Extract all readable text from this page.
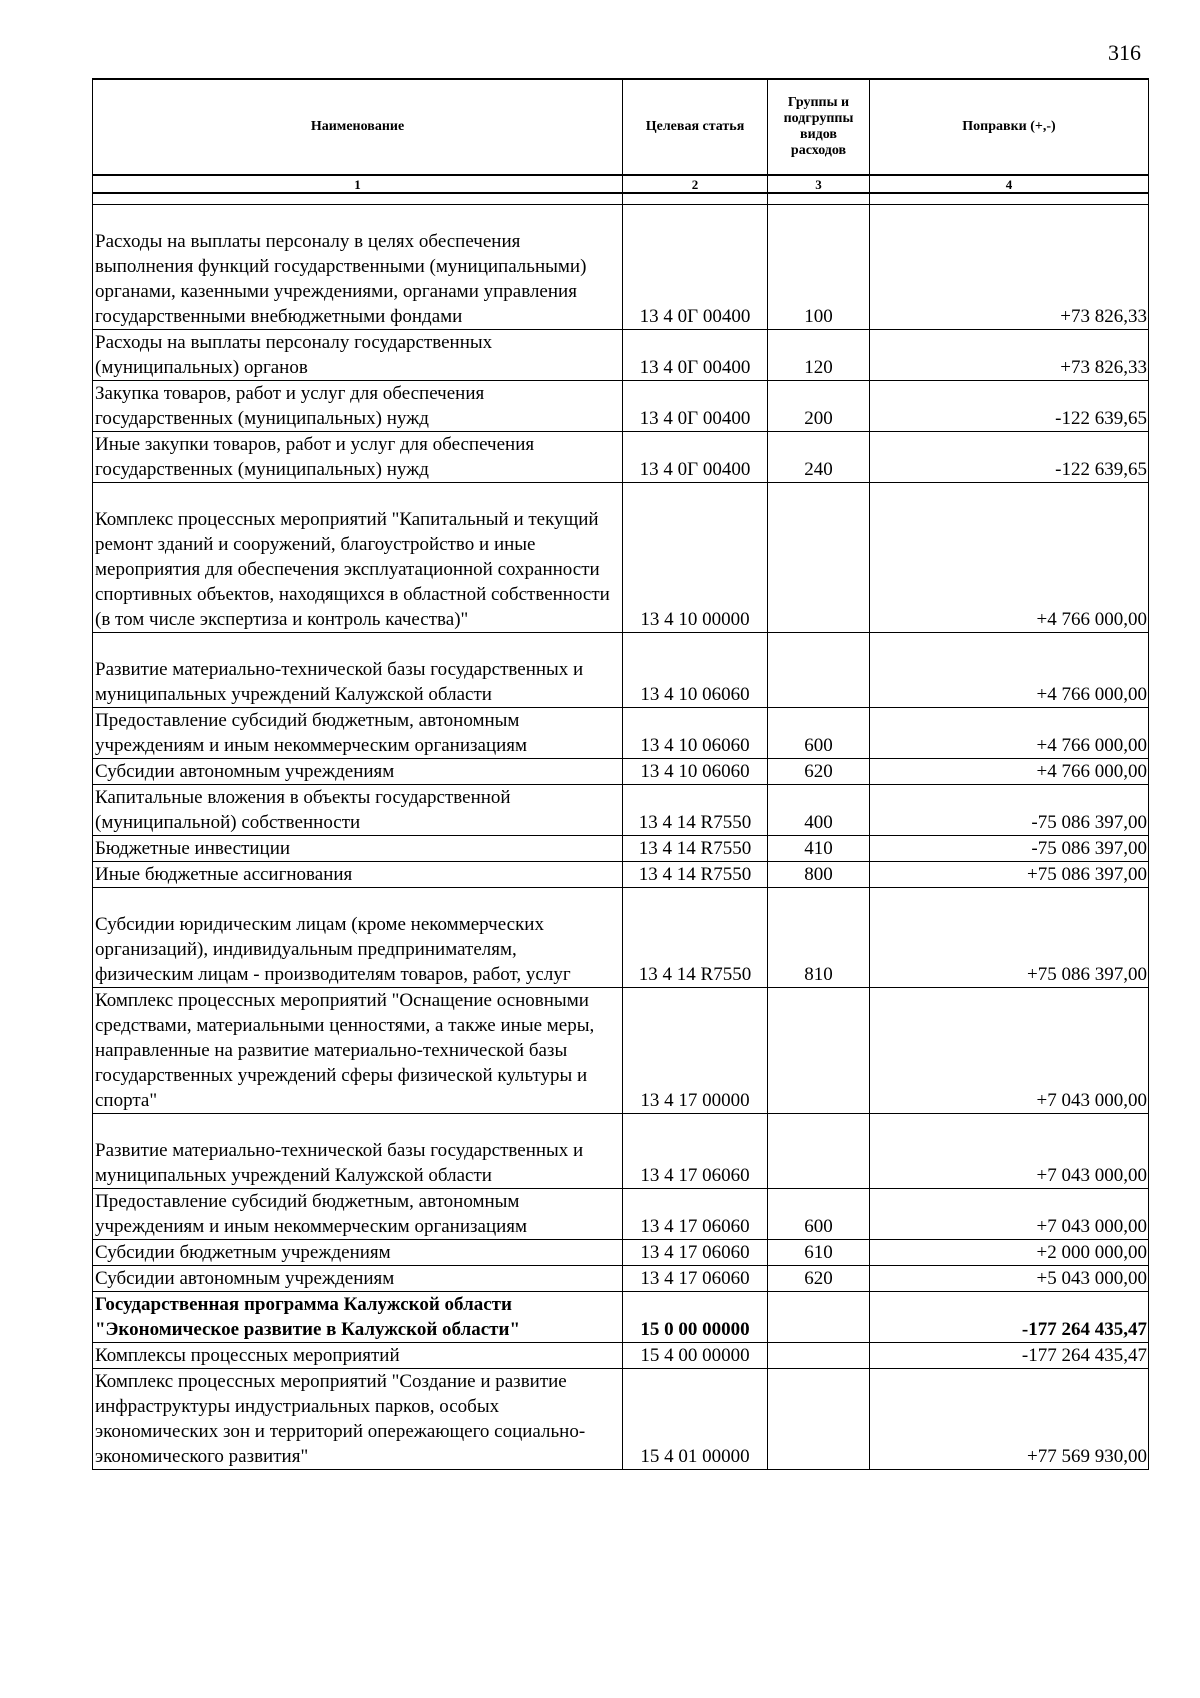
316
Наименование	Целевая статья	Группы и подгруппы видов расходов	Поправки (+,-)
1	2	3	4

Расходы на выплаты персоналу в целях обеспечения выполнения функций государственными (муниципальными) органами, казенными учреждениями, органами управления государственными внебюджетными фондами	13 4 0Г 00400	100	+73 826,33
Расходы на выплаты персоналу государственных (муниципальных) органов	13 4 0Г 00400	120	+73 826,33
Закупка товаров, работ и услуг для обеспечения государственных (муниципальных) нужд	13 4 0Г 00400	200	-122 639,65
Иные закупки товаров, работ и услуг для обеспечения государственных (муниципальных) нужд	13 4 0Г 00400	240	-122 639,65
Комплекс процессных мероприятий "Капитальный и текущий ремонт зданий и сооружений, благоустройство и иные мероприятия для обеспечения эксплуатационной сохранности спортивных объектов, находящихся в областной собственности (в том числе экспертиза и контроль качества)"	13 4 10 00000		+4 766 000,00
Развитие материально-технической базы государственных и муниципальных учреждений Калужской области	13 4 10 06060		+4 766 000,00
Предоставление субсидий бюджетным, автономным учреждениям и иным некоммерческим организациям	13 4 10 06060	600	+4 766 000,00
Субсидии автономным учреждениям	13 4 10 06060	620	+4 766 000,00
Капитальные вложения в объекты государственной (муниципальной) собственности	13 4 14 R7550	400	-75 086 397,00
Бюджетные инвестиции	13 4 14 R7550	410	-75 086 397,00
Иные бюджетные ассигнования	13 4 14 R7550	800	+75 086 397,00
Субсидии юридическим лицам (кроме некоммерческих организаций), индивидуальным предпринимателям, физическим лицам - производителям товаров, работ, услуг	13 4 14 R7550	810	+75 086 397,00
Комплекс процессных мероприятий "Оснащение основными средствами, материальными ценностями, а также иные меры, направленные на развитие материально-технической базы государственных учреждений сферы физической культуры и спорта"	13 4 17 00000		+7 043 000,00
Развитие материально-технической базы государственных и муниципальных учреждений Калужской области	13 4 17 06060		+7 043 000,00
Предоставление субсидий бюджетным, автономным учреждениям и иным некоммерческим организациям	13 4 17 06060	600	+7 043 000,00
Субсидии бюджетным учреждениям	13 4 17 06060	610	+2 000 000,00
Субсидии автономным учреждениям	13 4 17 06060	620	+5 043 000,00
Государственная программа Калужской области "Экономическое развитие в Калужской области"	15 0 00 00000		-177 264 435,47
Комплексы процессных мероприятий	15 4 00 00000		-177 264 435,47
Комплекс процессных мероприятий "Создание и развитие инфраструктуры индустриальных парков, особых экономических зон и территорий опережающего социально-экономического развития"	15 4 01 00000		+77 569 930,00
